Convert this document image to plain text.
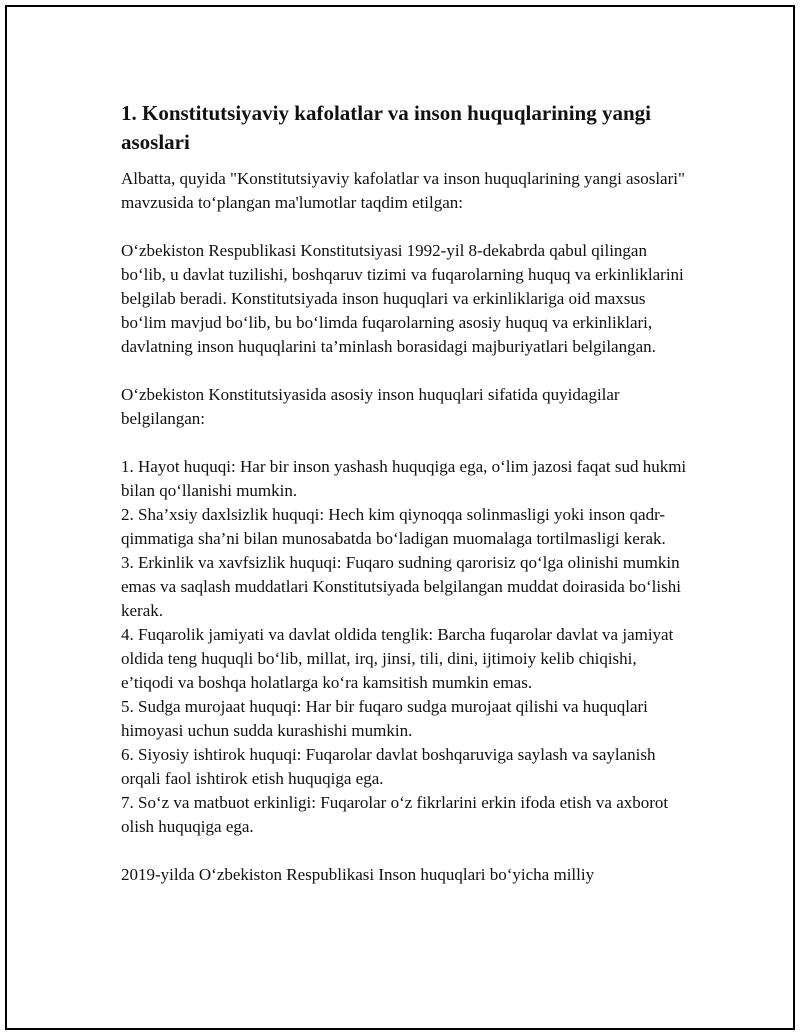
1. Konstitutsiyaviy kafolatlar va inson huquqlarining yangi asoslari
Albatta, quyida "Konstitutsiyaviy kafolatlar va inson huquqlarining yangi asoslari" mavzusida to‘plangan ma'lumotlar taqdim etilgan:
O‘zbekiston Respublikasi Konstitutsiyasi 1992-yil 8-dekabrda qabul qilingan bo‘lib, u davlat tuzilishi, boshqaruv tizimi va fuqarolarning huquq va erkinliklarini belgilab beradi. Konstitutsiyada inson huquqlari va erkinliklariga oid maxsus bo‘lim mavjud bo‘lib, bu bo‘limda fuqarolarning asosiy huquq va erkinliklari, davlatning inson huquqlarini ta’minlash borasidagi majburiyatlari belgilangan.
O‘zbekiston Konstitutsiyasida asosiy inson huquqlari sifatida quyidagilar belgilangan:
1. Hayot huquqi: Har bir inson yashash huquqiga ega, o‘lim jazosi faqat sud hukmi bilan qo‘llanishi mumkin.
2. Sha’xsiy daxlsizlik huquqi: Hech kim qiynoqqa solinmasligi yoki inson qadr-qimmatiga sha’ni bilan munosabatda bo‘ladigan muomalaga tortilmasligi kerak.
3. Erkinlik va xavfsizlik huquqi: Fuqaro sudning qarorisiz qo‘lga olinishi mumkin emas va saqlash muddatlari Konstitutsiyada belgilangan muddat doirasida bo‘lishi kerak.
4. Fuqarolik jamiyati va davlat oldida tenglik: Barcha fuqarolar davlat va jamiyat oldida teng huquqli bo‘lib, millat, irq, jinsi, tili, dini, ijtimoiy kelib chiqishi, e’tiqodi va boshqa holatlarga ko‘ra kamsitish mumkin emas.
5. Sudga murojaat huquqi: Har bir fuqaro sudga murojaat qilishi va huquqlari himoyasi uchun sudda kurashishi mumkin.
6. Siyosiy ishtirok huquqi: Fuqarolar davlat boshqaruviga saylash va saylanish orqali faol ishtirok etish huquqiga ega.
7. So‘z va matbuot erkinligi: Fuqarolar o‘z fikrlarini erkin ifoda etish va axborot olish huquqiga ega.
2019-yilda O‘zbekiston Respublikasi Inson huquqlari bo‘yicha milliy
